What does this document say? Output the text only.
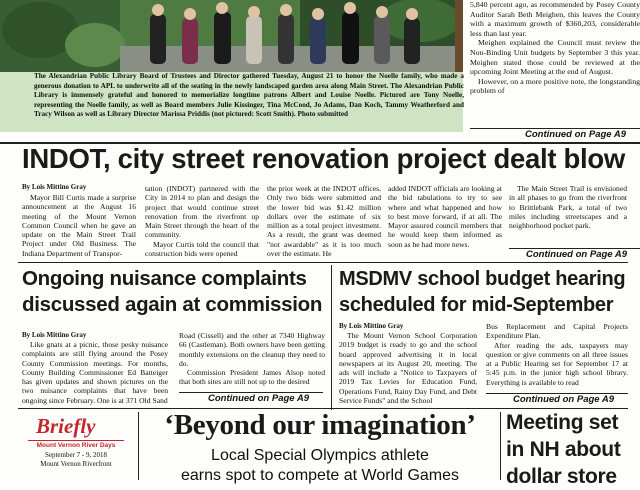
The Alexandrian Public Library Board of Trustees and Director gathered Tuesday, August 21 to honor the Noelle family, who made a generous donation to APL to underwrite all of the seating in the newly landscaped garden area along Main Street. The Alexandrian Public Library is immensely grateful and honored to memorialize longtime patrons Albert and Louise Noelle. Pictured are Tony Noelle, representing the Noelle family, as well as Board members Julie Kissinger, Tina McCood, Jo Adams, Dan Koch, Tammy Weatherford and Tracy Wilson as well as Library Director Marissa Priddis (not pictured: Scott Smith). Photo submitted

5,840 percent ago, as recommended by Posey County Auditor Sarah Beth Meighen, this leaves the County with a maximum growth of $360,203, considerable less than last year.

Meighen explained the Council must review the Non-Binding Unit budgets by September 3 this year. Meighen stated those could be reviewed at the upcoming Joint Meeting at the end of August.

However, on a more positive note, the longstanding problem of

Continued on Page A9
INDOT, city street renovation project dealt blow
By Lois Mittino Gray
Mayor Bill Curtis made a surprise announcement at the August 16 meeting of the Mount Vernon Common Council when he gave an update on the Main Street Trail Project under Old Business. The Indiana Department of Transpor-

tation (INDOT) partnered with the City in 2014 to plan and design the project that would continue street renovation from the riverfront up Main Street through the heart of the community.

Mayor Curtis told the council that construction bids were opened

the prior week at the INDOT offices. Only two bids were submitted and the lower bid was $1.42 million dollars over the estimate of six million as a total project investment. As a result, the grant was deemed "not awardable" as it is too much over the estimate. He
added INDOT officials are looking at the bid tabulations to try to see where and what happened and how to best move forward, if at all. The Mayor assured council members that he would keep them informed as soon as he had more news.
The Main Street Trail is envisioned in all phases to go from the riverfront to Brittlebank Park, a total of two miles including streetscapes and a neighborhood pocket park.
Continued on Page A9
Ongoing nuisance complaints
discussed again at commission
By Lois Mittino Gray
Like gnats at a picnic, those pesky nuisance complaints are still flying around the Posey County Commission meetings. For months, County Building Commissioner Ed Batteiger has given updates and shown pictures on the two nuisance complaints that have been ongoing since February. One is at 371 Old Sand

Road (Cissell) and the other at 7340 Highway 66 (Castleman). Both owners have been getting monthly extensions on the cleanup they need to do.

Commission President James Alsop noted that both sites are still not up to the desired

Continued on Page A9
MSDMV school budget hearing
scheduled for mid-September
By Lois Mittino Gray
The Mount Vernon School Corporation 2019 budget is ready to go and the school board approved advertising it in local newspapers at its August 20, meeting. The ads will include a "Notice to Taxpayers of 2019 Tax Levies for Education Fund, Operations Fund, Rainy Day Fund, and Debt Service Funds" and the School

Bus Replacement and Capital Projects Expenditure Plan.

After reading the ads, taxpayers may question or give comments on all three issues at a Public Hearing set for September 17 at 5:45 p.m. in the junior high school library. Everything is available to read

Continued on Page A9
Briefly
Mount Vernon River Days
September 7 - 9, 2018
Mount Vernon Riverfront
‘Beyond our imagination’
Local Special Olympics athlete
earns spot to compete at World Games
Meeting set
in NH about
dollar store
